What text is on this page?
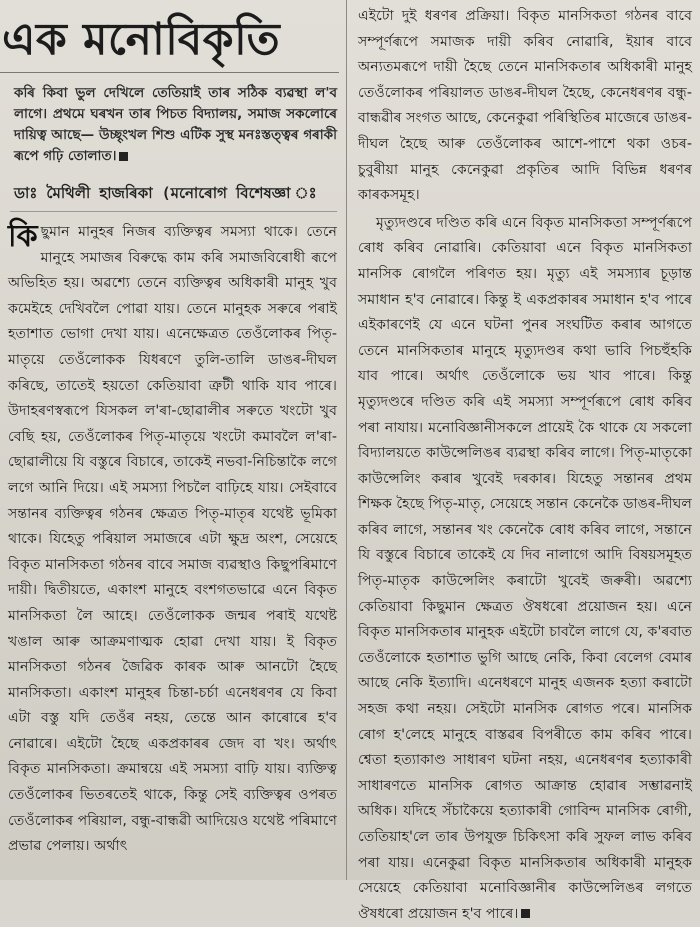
এক মনোবিকৃতি
কৰি কিবা ভুল দেখিলে তেতিয়াই তাৰ সঠিক ব্যৱস্থা ল'ব লাগে। প্ৰথমে ঘৰখন তাৰ পিচত বিদ্যালয়, সমাজ সকলোৰে দায়িত্ব আছে— উচ্ছৃংখল শিশু এটিক সুস্থ মনঃস্তত্ত্বৰ গৰাকী ৰূপে গঢ়ি তোলাত।
ডাঃ মৈথিলী হাজৰিকা (মনোৰোগ বিশেষজ্ঞা ঃ
কিছুমান মানুহৰ নিজৰ ব্যক্তিত্বৰ সমস্যা থাকে। তেনে মানুহে সমাজৰ বিৰুদ্ধে কাম কৰি সমাজবিৰোধী ৰূপে অভিহিত হয়। অৱশ্যে তেনে ব্যক্তিত্বৰ অধিকাৰী মানুহ খুব কমেইহে দেখিবলৈ পোৱা যায়। তেনে মানুহক সৰুৰে পৰাই হতাশাত ভোগা দেখা যায়। এনেক্ষেত্ৰত তেওঁলোকৰ পিতৃ-মাতৃয়ে তেওঁলোকক যিধৰণে তুলি-তালি ডাঙৰ-দীঘল কৰিছে, তাতেই হয়তো কেতিয়াবা ত্ৰুটী থাকি যাব পাৰে। উদাহৰণস্বৰূপে যিসকল ল'ৰা-ছোৱালীৰ সৰুতে খংটো খুব বেছি হয়, তেওঁলোকৰ পিতৃ-মাতৃয়ে খংটো কমাবলৈ ল'ৰা-ছোৱালীয়ে যি বস্তুৰে বিচাৰে, তাকেই নভবা-নিচিন্তাকৈ লগে লগে আনি দিয়ে। এই সমস্যা পিচলৈ বাঢ়িহে যায়। সেইবাবে সন্তানৰ ব্যক্তিত্বৰ গঠনৰ ক্ষেত্ৰত পিতৃ-মাতৃৰ যথেষ্ট ভূমিকা থাকে। যিহেতু পৰিয়াল সমাজৰে এটা ক্ষুদ্ৰ অংশ, সেয়েহে বিকৃত মানসিকতা গঠনৰ বাবে সমাজ ব্যৱস্থাও কিছুপৰিমাণে দায়ী। দ্বিতীয়তে, একাংশ মানুহে বংশগতভাৱে এনে বিকৃত মানসিকতা লৈ আহে। তেওঁলোকক জন্মৰ পৰাই যথেষ্ট খঙাল আৰু আক্ৰমণাত্মক হোৱা দেখা যায়। ই বিকৃত মানসিকতা গঠনৰ জৈৱিক কাৰক আৰু আনটো হৈছে মানসিকতা। একাংশ মানুহৰ চিন্তা-চৰ্চা এনেধৰণৰ যে কিবা এটা বস্তু যদি তেওঁৰ নহয়, তেন্তে আন কাৰোৰে হ'ব নোৱাৰে। এইটো হৈছে একপ্ৰকাৰৰ জেদ বা খং। অৰ্থাৎ বিকৃত মানসিকতা। ক্ৰমান্বয়ে এই সমস্যা বাঢ়ি যায়। ব্যক্তিত্ব তেওঁলোকৰ ভিতৰতেই থাকে, কিন্তু সেই ব্যক্তিত্বৰ ওপৰত তেওঁলোকৰ পৰিয়াল, বন্ধু-বান্ধৱী আদিয়েও যথেষ্ট পৰিমাণে প্ৰভাৱ পেলায়। অৰ্থাৎ
এইটো দুই ধৰণৰ প্ৰক্ৰিয়া। বিকৃত মানসিকতা গঠনৰ বাবে সম্পূৰ্ণৰূপে সমাজক দায়ী কৰিব নোৱাৰি, ইয়াৰ বাবে অন্যতমৰূপে দায়ী হৈছে তেনে মানসিকতাৰ অধিকাৰী মানুহ তেওঁলোকৰ পৰিয়ালত ডাঙৰ-দীঘল হৈছে, কেনেধৰণৰ বন্ধু-বান্ধৱীৰ সংগত আছে, কেনেকুৱা পৰিস্থিতিৰ মাজেৰে ডাঙৰ-দীঘল হৈছে আৰু তেওঁলোকৰ আশে-পাশে থকা ওচৰ-চুবুৰীয়া মানুহ কেনেকুৱা প্ৰকৃতিৰ আদি বিভিন্ন ধৰণৰ কাৰকসমূহ।
মৃত্যুদণ্ডৰে দণ্ডিত কৰি এনে বিকৃত মানসিকতা সম্পূৰ্ণৰূপে ৰোধ কৰিব নোৱাৰি। কেতিয়াবা এনে বিকৃত মানসিকতা মানসিক ৰোগলৈ পৰিণত হয়। মৃত্যু এই সমস্যাৰ চূড়ান্ত সমাধান হ'ব নোৱাৰে। কিন্তু ই একপ্ৰকাৰৰ সমাধান হ'ব পাৰে এইকাৰণেই যে এনে ঘটনা পুনৰ সংঘটিত কৰাৰ আগতে তেনে মানসিকতাৰ মানুহে মৃত্যুদণ্ডৰ কথা ভাবি পিচহুঁহকি যাব পাৰে। অৰ্থাৎ তেওঁলোকে ভয় খাব পাৰে। কিন্তু মৃত্যুদণ্ডৰে দণ্ডিত কৰি এই সমস্যা সম্পূৰ্ণৰূপে ৰোধ কৰিব পৰা নাযায়। মনোবিজ্ঞানীসকলে প্ৰায়েই কৈ থাকে যে সকলো বিদ্যালয়তে কাউন্সেলিঙৰ ব্যৱস্থা কৰিব লাগে। পিতৃ-মাতৃকো কাউন্সেলিং কৰাৰ খুবেই দৰকাৰ। যিহেতু সন্তানৰ প্ৰথম শিক্ষক হৈছে পিতৃ-মাতৃ, সেয়েহে সন্তান কেনেকৈ ডাঙৰ-দীঘল কৰিব লাগে, সন্তানৰ খং কেনেকৈ ৰোধ কৰিব লাগে, সন্তানে যি বস্তুৰে বিচাৰে তাকেই যে দিব নালাগে আদি বিষয়সমূহত পিতৃ-মাতৃক কাউন্সেলিং কৰাটো খুবেই জৰুৰী। অৱশ্যে কেতিয়াবা কিছুমান ক্ষেত্ৰত ঔষধৰো প্ৰয়োজন হয়। এনে বিকৃত মানসিকতাৰ মানুহক এইটো চাবলৈ লাগে যে, ক'ৰবাত তেওঁলোকে হতাশাত ভুগি আছে নেকি, কিবা বেলেগ বেমাৰ আছে নেকি ইত্যাদি। এনেধৰণে মানুহ এজনক হত্যা কৰাটো সহজ কথা নহয়। সেইটো মানসিক ৰোগত পৰে। মানসিক ৰোগ হ'লেহে মানুহে বাস্তৱৰ বিপৰীতে কাম কৰিব পাৰে। শ্বেতা হত্যাকাণ্ড সাধাৰণ ঘটনা নহয়, এনেধৰণৰ হত্যাকাৰী সাধাৰণতে মানসিক ৰোগত আক্ৰান্ত হোৱাৰ সম্ভাৱনাই অধিক। যদিহে সঁচাকৈয়ে হত্যাকাৰী গোবিন্দ মানসিক ৰোগী, তেতিয়াহ'লে তাৰ উপযুক্ত চিকিৎসা কৰি সুফল লাভ কৰিব পৰা যায়। এনেকুৱা বিকৃত মানসিকতাৰ অধিকাৰী মানুহক সেয়েহে কেতিয়াবা মনোবিজ্ঞানীৰ কাউন্সেলিঙৰ লগতে ঔষধৰো প্ৰয়োজন হ'ব পাৰে।
